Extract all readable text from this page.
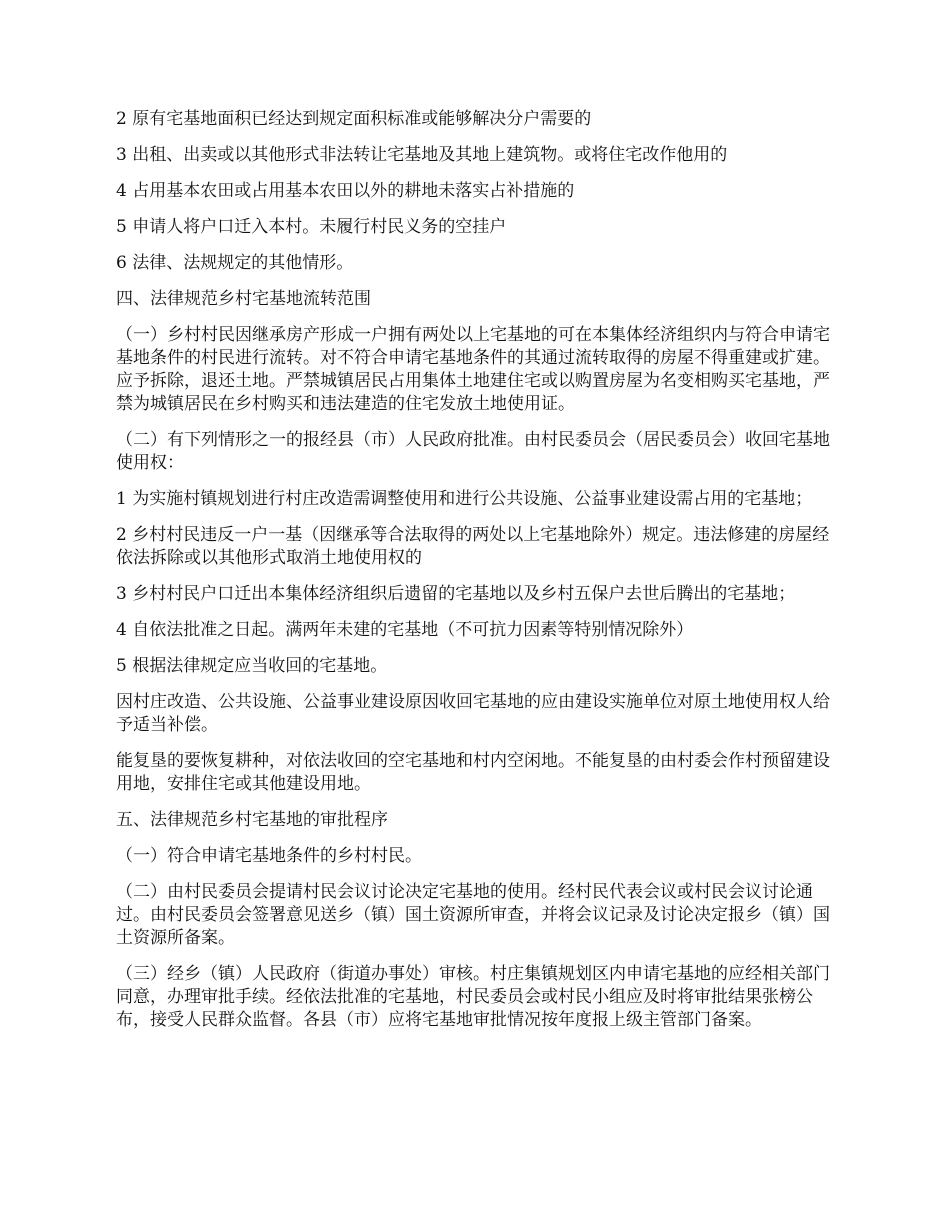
2 原有宅基地面积已经达到规定面积标准或能够解决分户需要的

3 出租、出卖或以其他形式非法转让宅基地及其地上建筑物。或将住宅改作他用的

4 占用基本农田或占用基本农田以外的耕地未落实占补措施的

5 申请人将户口迁入本村。未履行村民义务的空挂户

6 法律、法规规定的其他情形。

四、法律规范乡村宅基地流转范围

（一）乡村村民因继承房产形成一户拥有两处以上宅基地的可在本集体经济组织内与符合申请宅基地条件的村民进行流转。对不符合申请宅基地条件的其通过流转取得的房屋不得重建或扩建。应予拆除，退还土地。严禁城镇居民占用集体土地建住宅或以购置房屋为名变相购买宅基地，严禁为城镇居民在乡村购买和违法建造的住宅发放土地使用证。

（二）有下列情形之一的报经县（市）人民政府批准。由村民委员会（居民委员会）收回宅基地使用权：

1 为实施村镇规划进行村庄改造需调整使用和进行公共设施、公益事业建设需占用的宅基地；

2 乡村村民违反一户一基（因继承等合法取得的两处以上宅基地除外）规定。违法修建的房屋经依法拆除或以其他形式取消土地使用权的

3 乡村村民户口迁出本集体经济组织后遗留的宅基地以及乡村五保户去世后腾出的宅基地；

4 自依法批准之日起。满两年未建的宅基地（不可抗力因素等特别情况除外）

5 根据法律规定应当收回的宅基地。

因村庄改造、公共设施、公益事业建设原因收回宅基地的应由建设实施单位对原土地使用权人给予适当补偿。

能复垦的要恢复耕种，对依法收回的空宅基地和村内空闲地。不能复垦的由村委会作村预留建设用地，安排住宅或其他建设用地。

五、法律规范乡村宅基地的审批程序

（一）符合申请宅基地条件的乡村村民。

（二）由村民委员会提请村民会议讨论决定宅基地的使用。经村民代表会议或村民会议讨论通过。由村民委员会签署意见送乡（镇）国土资源所审查，并将会议记录及讨论决定报乡（镇）国土资源所备案。

（三）经乡（镇）人民政府（街道办事处）审核。村庄集镇规划区内申请宅基地的应经相关部门同意，办理审批手续。经依法批准的宅基地，村民委员会或村民小组应及时将审批结果张榜公布，接受人民群众监督。各县（市）应将宅基地审批情况按年度报上级主管部门备案。
